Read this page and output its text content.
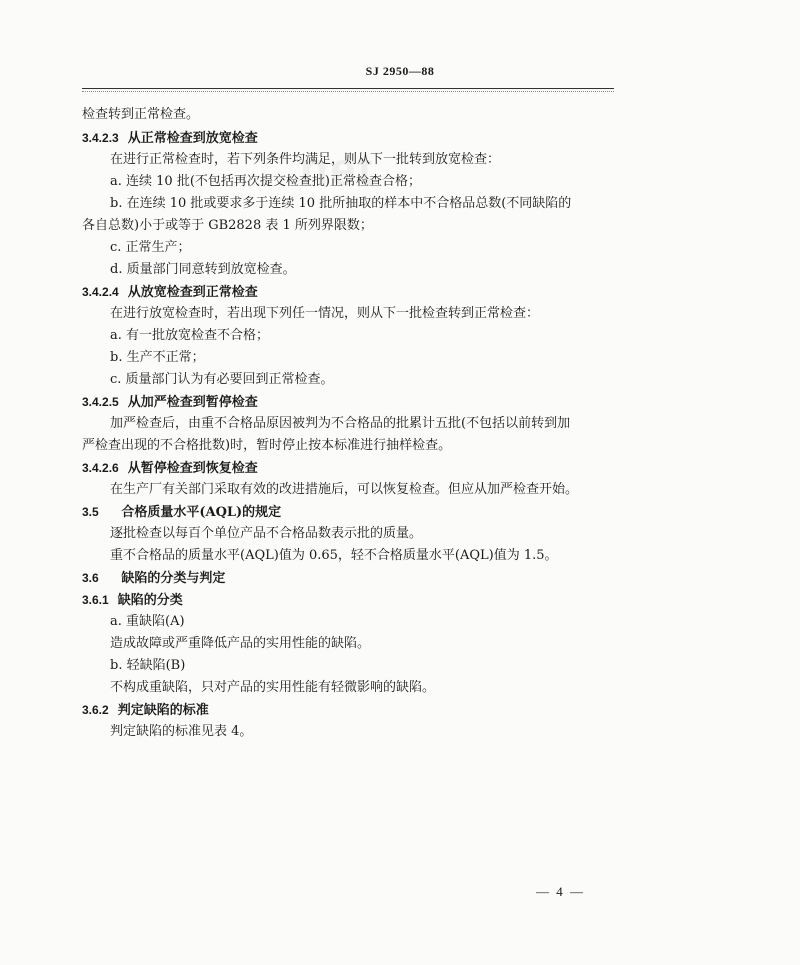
net
SJ 2950—88
检查转到正常检查。
3.4.2.3 从正常检查到放宽检查
在进行正常检查时，若下列条件均满足，则从下一批转到放宽检查：
a. 连续 10 批(不包括再次提交检查批)正常检查合格；
b. 在连续 10 批或要求多于连续 10 批所抽取的样本中不合格品总数(不同缺陷的
各自总数)小于或等于 GB2828 表 1 所列界限数；
c. 正常生产；
d. 质量部门同意转到放宽检查。
3.4.2.4 从放宽检查到正常检查
在进行放宽检查时，若出现下列任一情况，则从下一批检查转到正常检查：
a. 有一批放宽检查不合格；
b. 生产不正常；
c. 质量部门认为有必要回到正常检查。
3.4.2.5 从加严检查到暂停检查
加严检查后，由重不合格品原因被判为不合格品的批累计五批(不包括以前转到加
严检查出现的不合格批数)时，暂时停止按本标准进行抽样检查。
3.4.2.6 从暂停检查到恢复检查
在生产厂有关部门采取有效的改进措施后，可以恢复检查。但应从加严检查开始。
3.5 合格质量水平(AQL)的规定
逐批检查以每百个单位产品不合格品数表示批的质量。
重不合格品的质量水平(AQL)值为 0.65，轻不合格质量水平(AQL)值为 1.5。
3.6 缺陷的分类与判定
3.6.1 缺陷的分类
a. 重缺陷(A)
造成故障或严重降低产品的实用性能的缺陷。
b. 轻缺陷(B)
不构成重缺陷，只对产品的实用性能有轻微影响的缺陷。
3.6.2 判定缺陷的标准
判定缺陷的标准见表 4。
— 4 —
